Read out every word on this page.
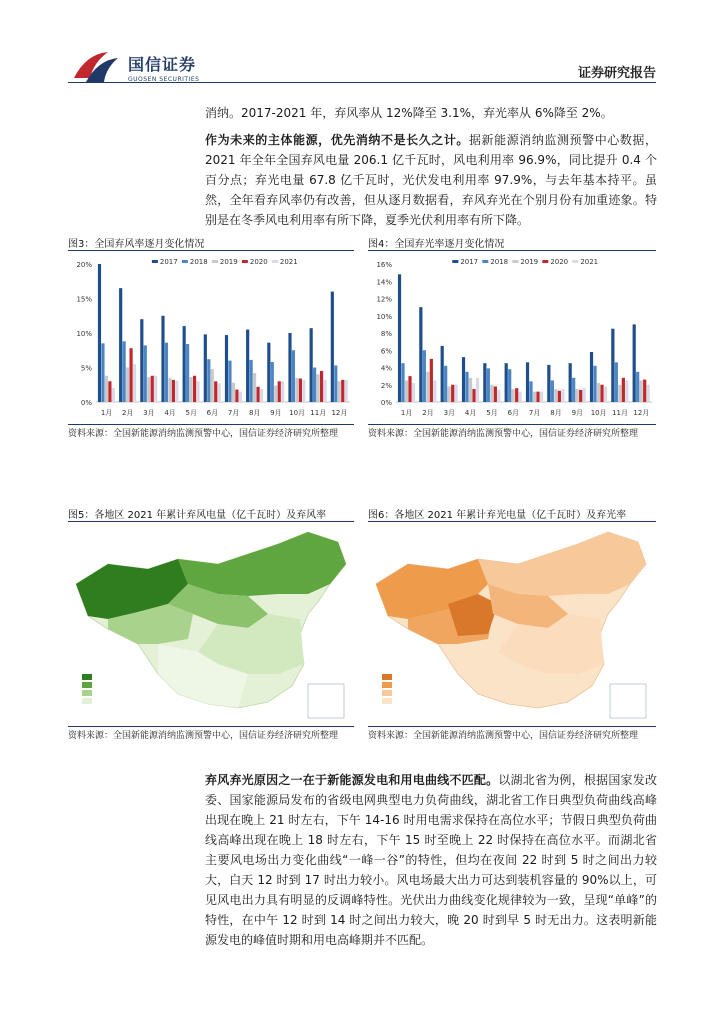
国信证券
GUOSEN SECURITIES	证券研究报告
消纳。2017-2021 年，弃风率从 12%降至 3.1%，弃光率从 6%降至 2%。
作为未来的主体能源，优先消纳不是长久之计。据新能源消纳监测预警中心数据，2021 年全年全国弃风电量 206.1 亿千瓦时，风电利用率 96.9%，同比提升 0.4 个百分点；弃光电量 67.8 亿千瓦时，光伏发电利用率 97.9%，与去年基本持平。虽然，全年看弃风率仍有改善，但从逐月数据看，弃风弃光在个别月份有加重迹象。特别是在冬季风电利用率有所下降，夏季光伏利用率有所下降。
图3：全国弃风率逐月变化情况
0%
5%
10%
15%
20%	2017 2018 2019 2020 2021
1月 2月 3月 4月 5月 6月 7月 8月 9月 10月 11月 12月
资料来源：全国新能源消纳监测预警中心，国信证券经济研究所整理
图4：全国弃光率逐月变化情况
0%
2%
4%
6%
8%
10%
12%
14%
16%	2017 2018 2019 2020 2021
1月 2月 3月 4月 5月 6月 7月 8月 9月 10月 11月 12月
资料来源：全国新能源消纳监测预警中心，国信证券经济研究所整理
图5：各地区 2021 年累计弃风电量（亿千瓦时）及弃风率
资料来源：全国新能源消纳监测预警中心，国信证券经济研究所整理
图6：各地区 2021 年累计弃光电量（亿千瓦时）及弃光率
资料来源：全国新能源消纳监测预警中心，国信证券经济研究所整理
弃风弃光原因之一在于新能源发电和用电曲线不匹配。以湖北省为例，根据国家发改委、国家能源局发布的省级电网典型电力负荷曲线，湖北省工作日典型负荷曲线高峰出现在晚上 21 时左右，下午 14-16 时用电需求保持在高位水平；节假日典型负荷曲线高峰出现在晚上 18 时左右，下午 15 时至晚上 22 时保持在高位水平。而湖北省主要风电场出力变化曲线“一峰一谷”的特性，但均在夜间 22 时到 5 时之间出力较大，白天 12 时到 17 时出力较小。风电场最大出力可达到装机容量的 90%以上，可见风电出力具有明显的反调峰特性。光伏出力曲线变化规律较为一致，呈现“单峰”的特性，在中午 12 时到 14 时之间出力较大，晚 20 时到早 5 时无出力。这表明新能源发电的峰值时期和用电高峰期并不匹配。
